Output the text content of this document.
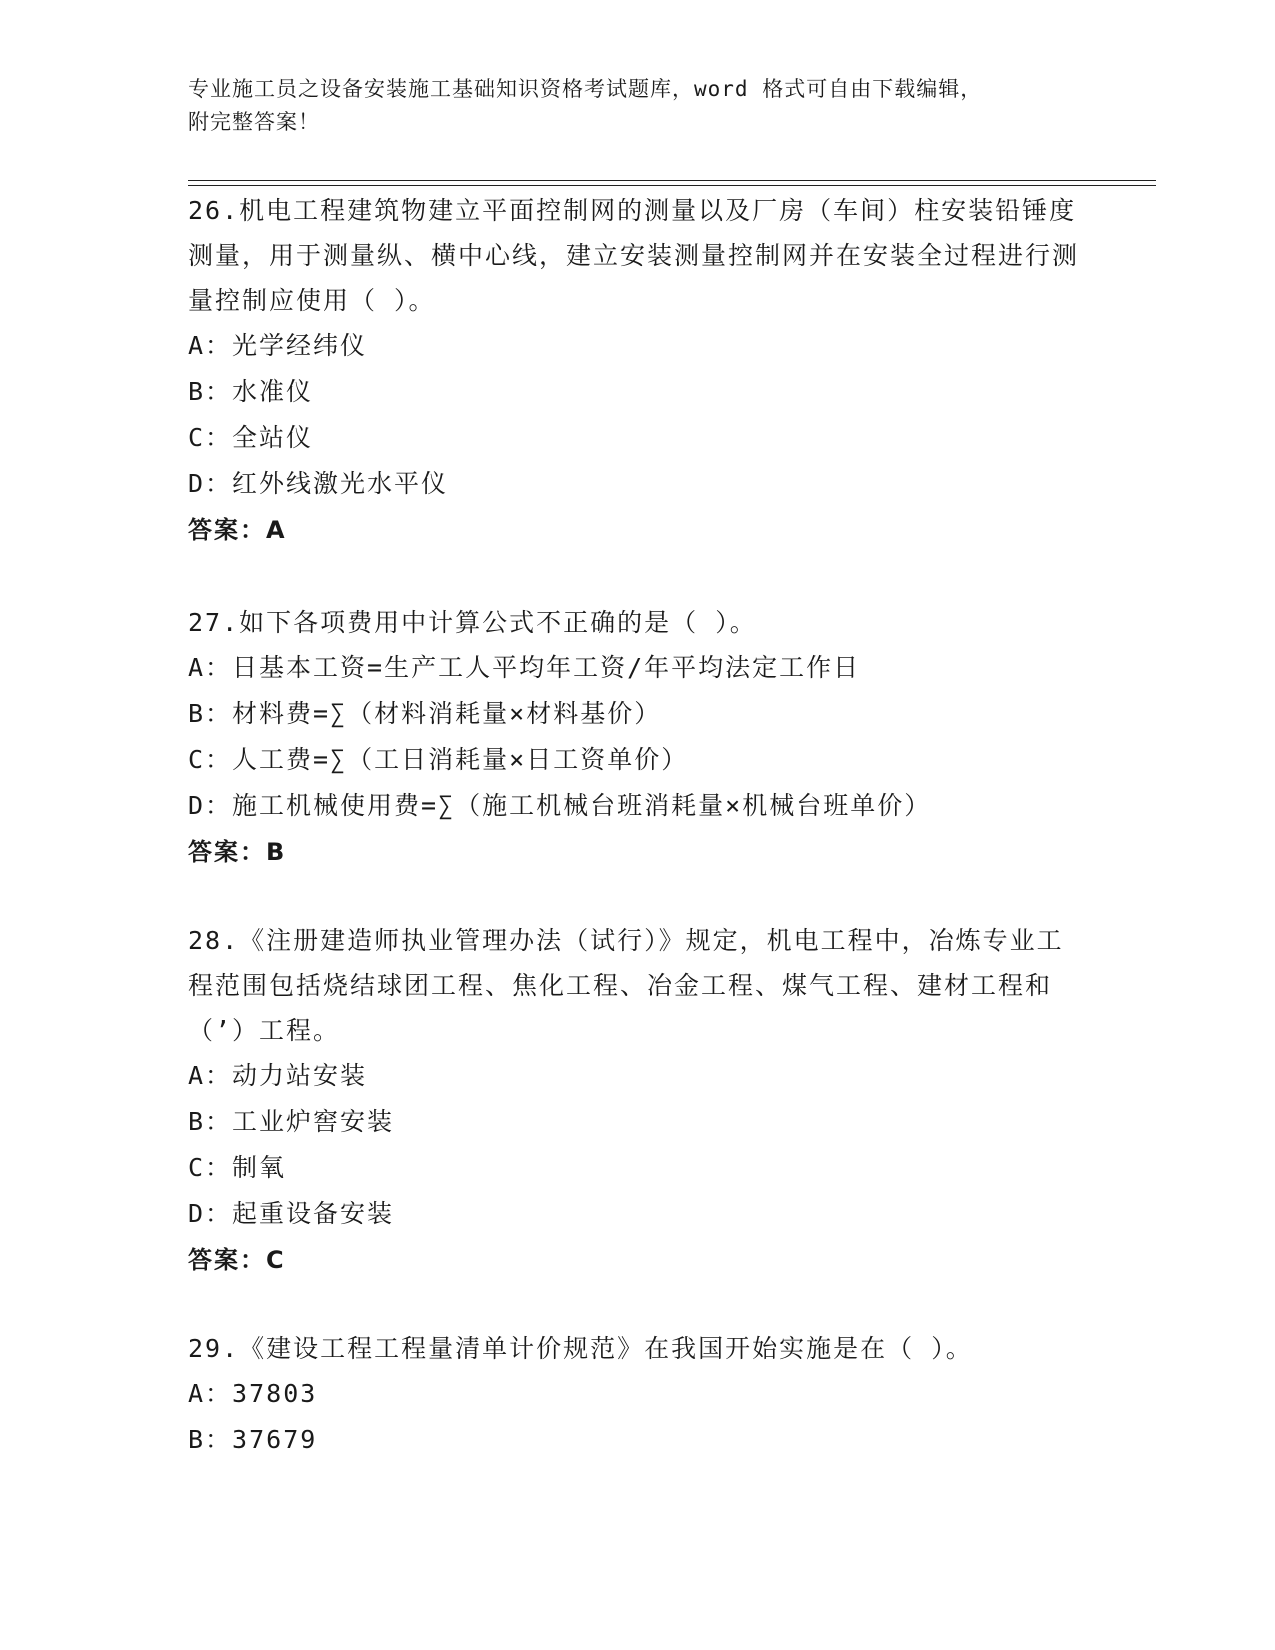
专业施工员之设备安装施工基础知识资格考试题库，word 格式可自由下载编辑，
附完整答案！

26.机电工程建筑物建立平面控制网的测量以及厂房（车间）柱安装铅锤度测量，用于测量纵、横中心线，建立安装测量控制网并在安装全过程进行测量控制应使用（ ）。

A：光学经纬仪

B：水准仪

C：全站仪

D：红外线激光水平仪

答案：A

27.如下各项费用中计算公式不正确的是（ ）。

A：日基本工资=生产工人平均年工资/年平均法定工作日

B：材料费=∑（材料消耗量×材料基价）

C：人工费=∑（工日消耗量×日工资单价）

D：施工机械使用费=∑（施工机械台班消耗量×机械台班单价）

答案：B

28.《注册建造师执业管理办法（试行）》规定，机电工程中，冶炼专业工程范围包括烧结球团工程、焦化工程、冶金工程、煤气工程、建材工程和（’）工程。

A：动力站安装

B：工业炉窖安装

C：制氧

D：起重设备安装

答案：C

29.《建设工程工程量清单计价规范》在我国开始实施是在（ ）。

A：37803

B：37679
